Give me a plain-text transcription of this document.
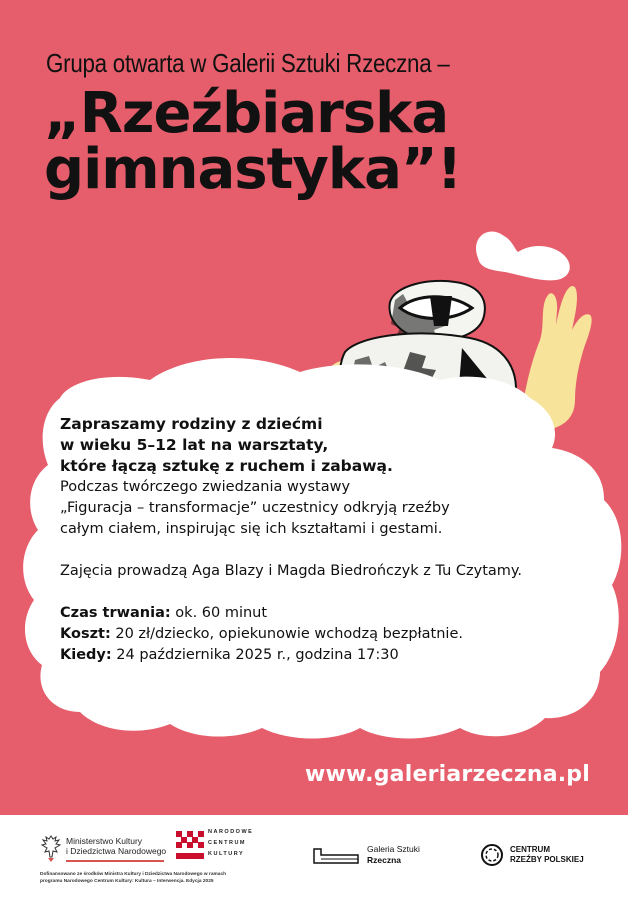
Grupa otwarta w Galerii Sztuki Rzeczna –
„Rzeźbiarska
gimnastyka”!
Zapraszamy rodziny z dziećmi
w wieku 5–12 lat na warsztaty,
które łączą sztukę z ruchem i zabawą.
Podczas twórczego zwiedzania wystawy
„Figuracja – transformacje” uczestnicy odkryją rzeźby
całym ciałem, inspirując się ich kształtami i gestami.
Zajęcia prowadzą Aga Blazy i Magda Biedrończyk z Tu Czytamy.
Czas trwania: ok. 60 minut
Koszt: 20 zł/dziecko, opiekunowie wchodzą bezpłatnie.
Kiedy: 24 października 2025 r., godzina 17:30
www.galeriarzeczna.pl
Ministerstwo Kultury
i Dziedzictwa Narodowego
NARODOWE
CENTRUM
KULTURY	Galeria Sztuki
Rzeczna
CENTRUM
RZEŹBY POLSKIEJ
Dofinansowano ze środków Ministra Kultury i Dziedzictwa Narodowego w ramach
programu Narodowego Centrum Kultury: Kultura – Interwencja. Edycja 2025
